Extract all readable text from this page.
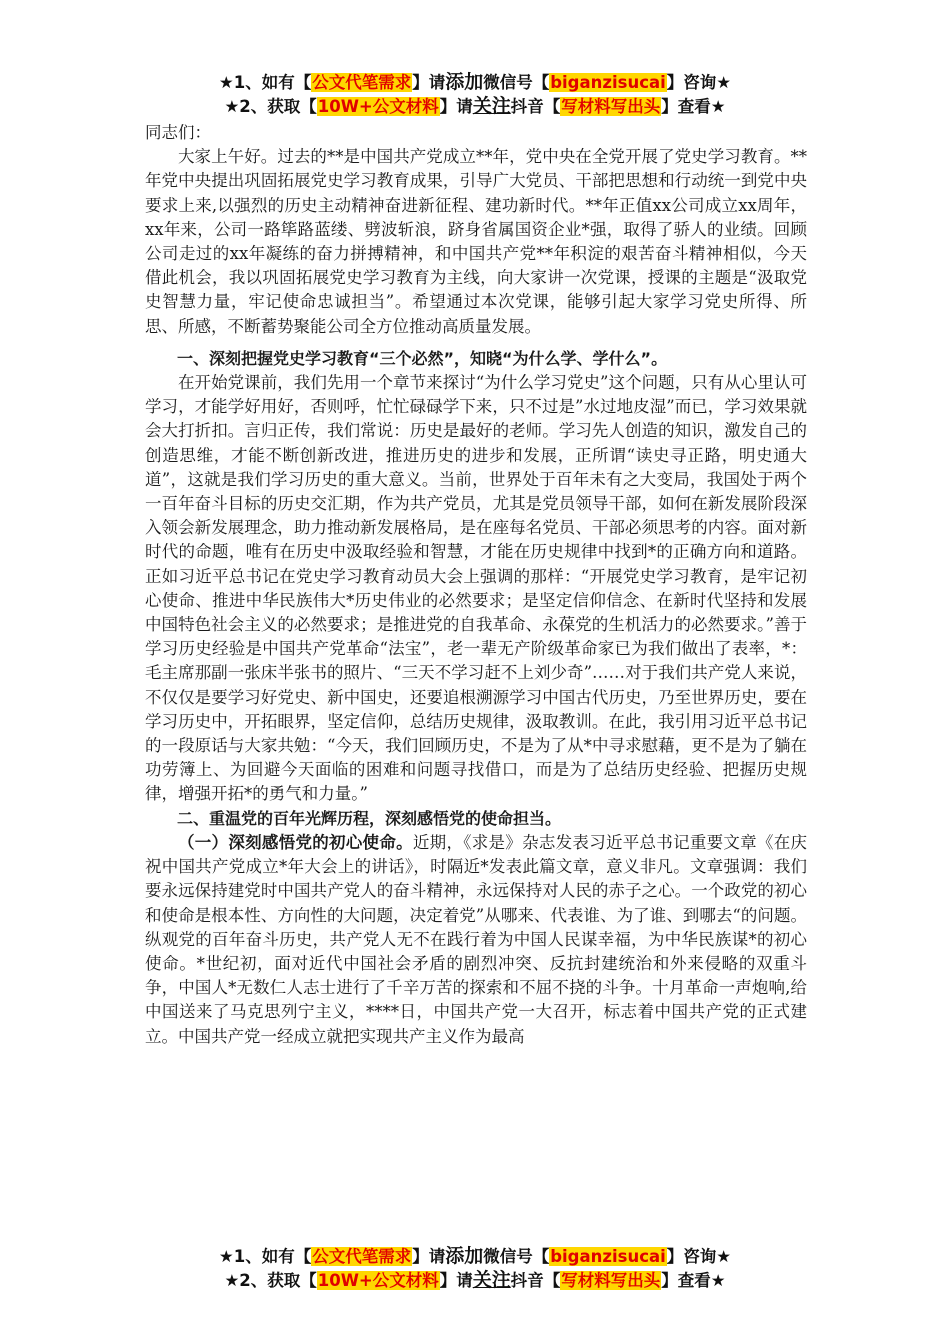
★1、如有【公文代笔需求】请添加微信号【biganzisucai】咨询★
★2、获取【10W+公文材料】请关注抖音【写材料写出头】查看★

同志们：

大家上午好。过去的**是中国共产党成立**年，党中央在全党开展了党史学习教育。**年党中央提出巩固拓展党史学习教育成果，引导广大党员、干部把思想和行动统一到党中央要求上来,以强烈的历史主动精神奋进新征程、建功新时代。**年正值xx公司成立xx周年，xx年来，公司一路筚路蓝缕、劈波斩浪，跻身省属国资企业*强，取得了骄人的业绩。回顾公司走过的xx年凝练的奋力拼搏精神，和中国共产党**年积淀的艰苦奋斗精神相似，今天借此机会，我以巩固拓展党史学习教育为主线，向大家讲一次党课，授课的主题是“汲取党史智慧力量，牢记使命忠诚担当”。希望通过本次党课，能够引起大家学习党史所得、所思、所感，不断蓄势聚能公司全方位推动高质量发展。

一、深刻把握党史学习教育“三个必然”，知晓“为什么学、学什么”。

在开始党课前，我们先用一个章节来探讨“为什么学习党史”这个问题，只有从心里认可学习，才能学好用好，否则呼，忙忙碌碌学下来，只不过是”水过地皮湿”而已，学习效果就会大打折扣。言归正传，我们常说：历史是最好的老师。学习先人创造的知识，激发自己的创造思维，才能不断创新改进，推进历史的进步和发展，正所谓“读史寻正路，明史通大道”，这就是我们学习历史的重大意义。当前，世界处于百年未有之大变局，我国处于两个一百年奋斗目标的历史交汇期，作为共产党员，尤其是党员领导干部，如何在新发展阶段深入领会新发展理念，助力推动新发展格局，是在座每名党员、干部必须思考的内容。面对新时代的命题，唯有在历史中汲取经验和智慧，才能在历史规律中找到*的正确方向和道路。正如习近平总书记在党史学习教育动员大会上强调的那样：“开展党史学习教育，是牢记初心使命、推进中华民族伟大*历史伟业的必然要求；是坚定信仰信念、在新时代坚持和发展中国特色社会主义的必然要求；是推进党的自我革命、永葆党的生机活力的必然要求。”善于学习历史经验是中国共产党革命“法宝”，老一辈无产阶级革命家已为我们做出了表率，*：毛主席那副一张床半张书的照片、“三天不学习赶不上刘少奇”……对于我们共产党人来说，不仅仅是要学习好党史、新中国史，还要追根溯源学习中国古代历史，乃至世界历史，要在学习历史中，开拓眼界，坚定信仰，总结历史规律，汲取教训。在此，我引用习近平总书记的一段原话与大家共勉：“今天，我们回顾历史，不是为了从*中寻求慰藉，更不是为了躺在功劳簿上、为回避今天面临的困难和问题寻找借口，而是为了总结历史经验、把握历史规律，增强开拓*的勇气和力量。”

二、重温党的百年光辉历程，深刻感悟党的使命担当。

（一）深刻感悟党的初心使命。近期，《求是》杂志发表习近平总书记重要文章《在庆祝中国共产党成立*年大会上的讲话》，时隔近*发表此篇文章，意义非凡。文章强调：我们要永远保持建党时中国共产党人的奋斗精神，永远保持对人民的赤子之心。一个政党的初心和使命是根本性、方向性的大问题，决定着党”从哪来、代表谁、为了谁、到哪去“的问题。纵观党的百年奋斗历史，共产党人无不在践行着为中国人民谋幸福，为中华民族谋*的初心使命。*世纪初，面对近代中国社会矛盾的剧烈冲突、反抗封建统治和外来侵略的双重斗争，中国人*无数仁人志士进行了千辛万苦的探索和不屈不挠的斗争。十月革命一声炮响,给中国送来了马克思列宁主义，****日，中国共产党一大召开，标志着中国共产党的正式建立。中国共产党一经成立就把实现共产主义作为最高

★1、如有【公文代笔需求】请添加微信号【biganzisucai】咨询★
★2、获取【10W+公文材料】请关注抖音【写材料写出头】查看★
